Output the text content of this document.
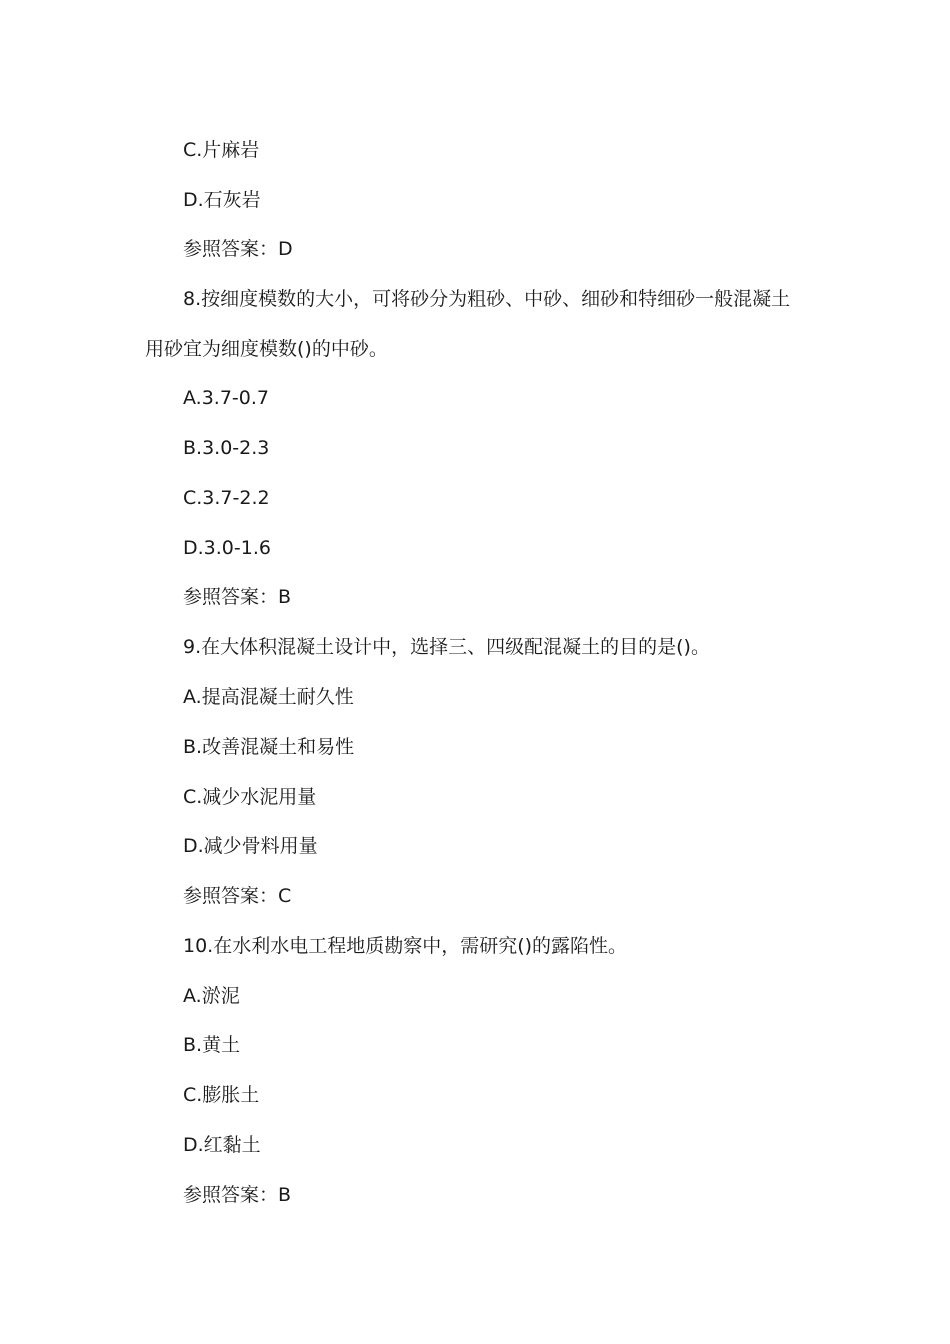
C.片麻岩
D.石灰岩
参照答案：D
8.按细度模数的大小，可将砂分为粗砂、中砂、细砂和特细砂一般混凝土
用砂宜为细度模数()的中砂。
A.3.7-0.7
B.3.0-2.3
C.3.7-2.2
D.3.0-1.6
参照答案：B
9.在大体积混凝土设计中，选择三、四级配混凝土的目的是()。
A.提高混凝土耐久性
B.改善混凝土和易性
C.减少水泥用量
D.减少骨料用量
参照答案：C
10.在水利水电工程地质勘察中，需研究()的露陷性。
A.淤泥
B.黄土
C.膨胀土
D.红黏土
参照答案：B
